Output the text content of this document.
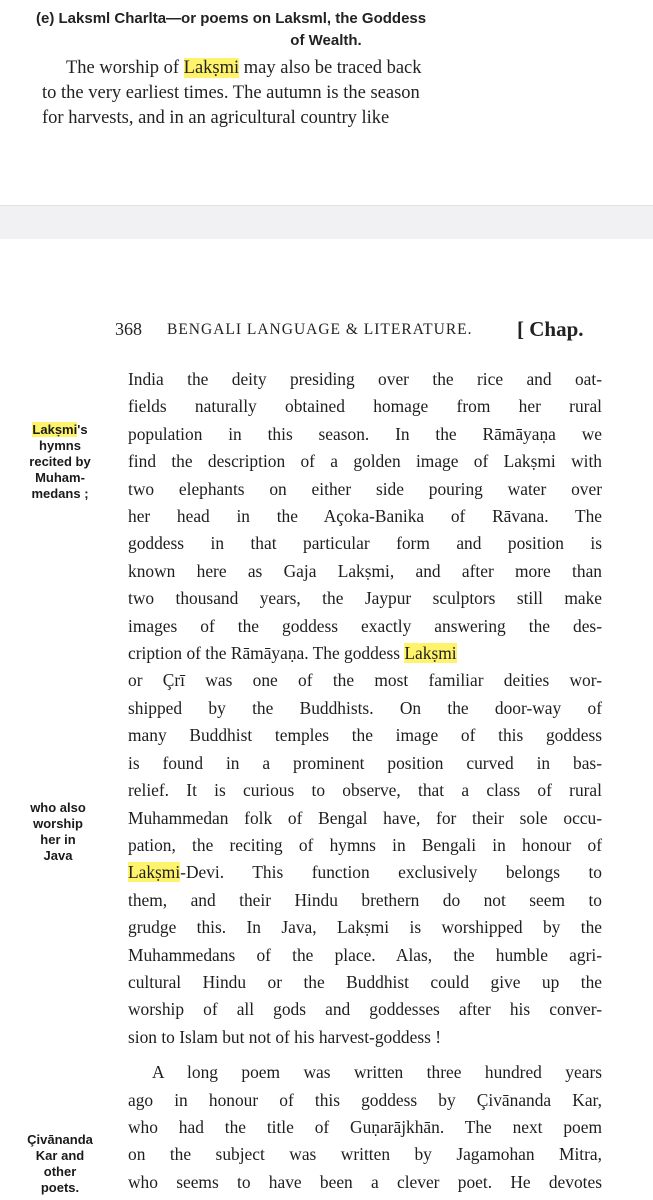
(e) Laksml Charlta—or poems on Laksml, the Goddess
of Wealth.
The worship of Lakṣmi may also be traced back
to the very earliest times. The autumn is the season
for harvests, and in an agricultural country like
368 BENGALI LANGUAGE & LITERATURE. [ Chap.
Lakṣmi's
hymns
recited by
Muham-
medans ;
who also
worship
her in
Java
Çivānanda
Kar and
other
poets.
India the deity presiding over the rice and oat-
fields naturally obtained homage from her rural
population in this season. In the Rāmāyaṇa we
find the description of a golden image of Lakṣmi with
two elephants on either side pouring water over
her head in the Açoka-Banika of Rāvana. The
goddess in that particular form and position is
known here as Gaja Lakṣmi, and after more than
two thousand years, the Jaypur sculptors still make
images of the goddess exactly answering the des-
cription of the Rāmāyaṇa. The goddess Lakṣmi
or Çrī was one of the most familiar deities wor-
shipped by the Buddhists. On the door-way of
many Buddhist temples the image of this goddess
is found in a prominent position curved in bas-
relief. It is curious to observe, that a class of rural
Muhammedan folk of Bengal have, for their sole occu-
pation, the reciting of hymns in Bengali in honour of
Lakṣmi-Devi. This function exclusively belongs to
them, and their Hindu brethern do not seem to
grudge this. In Java, Lakṣmi is worshipped by the
Muhammedans of the place. Alas, the humble agri-
cultural Hindu or the Buddhist could give up the
worship of all gods and goddesses after his conver-
sion to Islam but not of his harvest-goddess !
A long poem was written three hundred years
ago in honour of this goddess by Çivānanda Kar,
who had the title of Guṇarājkhān. The next poem
on the subject was written by Jagamohan Mitra,
who seems to have been a clever poet. He devotes
